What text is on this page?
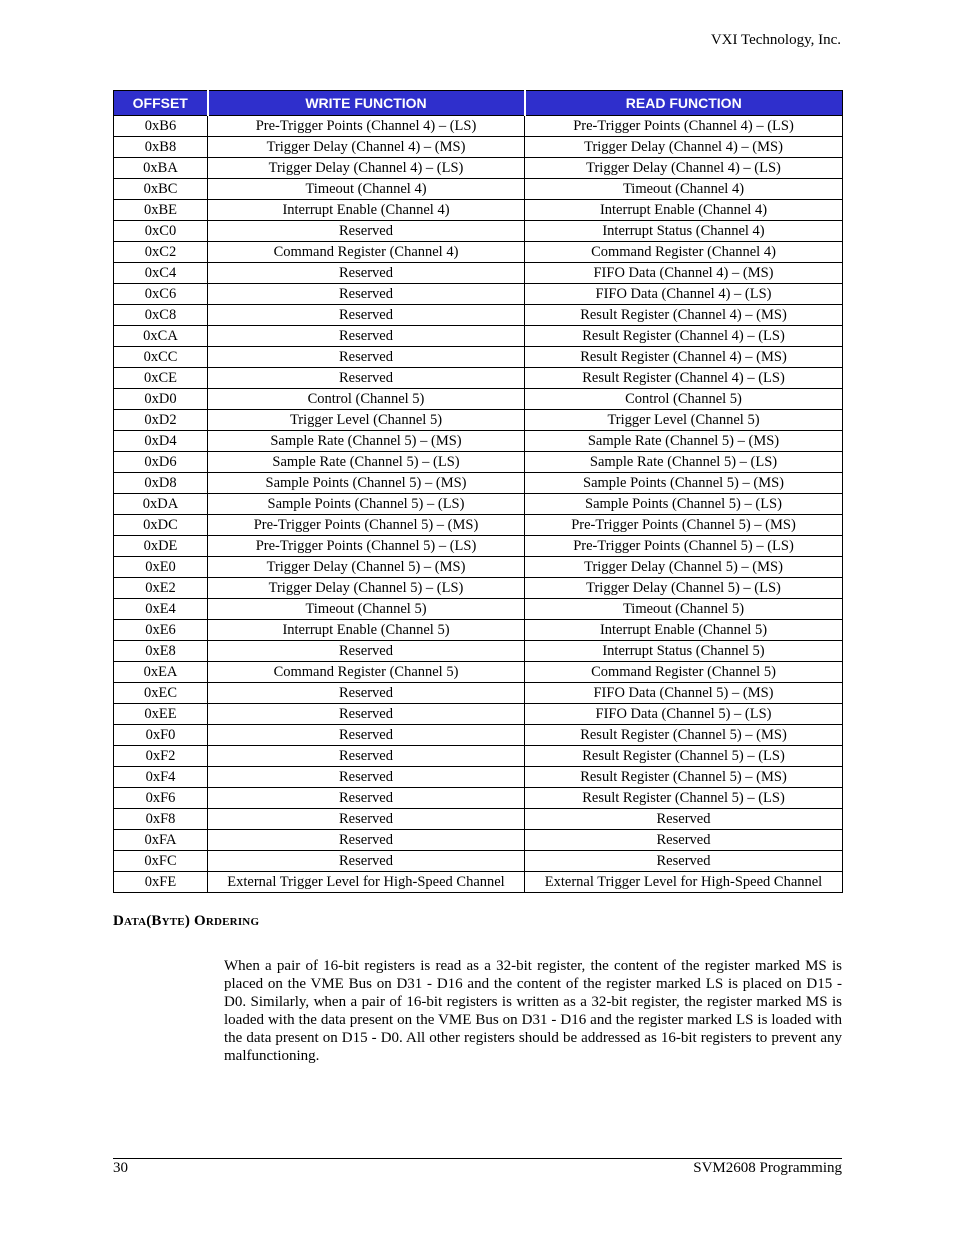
VXI Technology, Inc.
OFFSET	WRITE FUNCTION	READ FUNCTION
0xB6	Pre-Trigger Points (Channel 4) – (LS)	Pre-Trigger Points (Channel 4) – (LS)
0xB8	Trigger Delay (Channel 4) – (MS)	Trigger Delay (Channel 4) – (MS)
0xBA	Trigger Delay (Channel 4) – (LS)	Trigger Delay (Channel 4) – (LS)
0xBC	Timeout (Channel 4)	Timeout (Channel 4)
0xBE	Interrupt Enable (Channel 4)	Interrupt Enable (Channel 4)
0xC0	Reserved	Interrupt Status (Channel 4)
0xC2	Command Register (Channel 4)	Command Register (Channel 4)
0xC4	Reserved	FIFO Data (Channel 4) – (MS)
0xC6	Reserved	FIFO Data (Channel 4) – (LS)
0xC8	Reserved	Result Register (Channel 4) – (MS)
0xCA	Reserved	Result Register (Channel 4) – (LS)
0xCC	Reserved	Result Register (Channel 4) – (MS)
0xCE	Reserved	Result Register (Channel 4) – (LS)
0xD0	Control (Channel 5)	Control (Channel 5)
0xD2	Trigger Level (Channel 5)	Trigger Level (Channel 5)
0xD4	Sample Rate (Channel 5) – (MS)	Sample Rate (Channel 5) – (MS)
0xD6	Sample Rate (Channel 5) – (LS)	Sample Rate (Channel 5) – (LS)
0xD8	Sample Points (Channel 5) – (MS)	Sample Points (Channel 5) – (MS)
0xDA	Sample Points (Channel 5) – (LS)	Sample Points (Channel 5) – (LS)
0xDC	Pre-Trigger Points (Channel 5) – (MS)	Pre-Trigger Points (Channel 5) – (MS)
0xDE	Pre-Trigger Points (Channel 5) – (LS)	Pre-Trigger Points (Channel 5) – (LS)
0xE0	Trigger Delay (Channel 5) – (MS)	Trigger Delay (Channel 5) – (MS)
0xE2	Trigger Delay (Channel 5) – (LS)	Trigger Delay (Channel 5) – (LS)
0xE4	Timeout (Channel 5)	Timeout (Channel 5)
0xE6	Interrupt Enable (Channel 5)	Interrupt Enable (Channel 5)
0xE8	Reserved	Interrupt Status (Channel 5)
0xEA	Command Register (Channel 5)	Command Register (Channel 5)
0xEC	Reserved	FIFO Data (Channel 5) – (MS)
0xEE	Reserved	FIFO Data (Channel 5) – (LS)
0xF0	Reserved	Result Register (Channel 5) – (MS)
0xF2	Reserved	Result Register (Channel 5) – (LS)
0xF4	Reserved	Result Register (Channel 5) – (MS)
0xF6	Reserved	Result Register (Channel 5) – (LS)
0xF8	Reserved	Reserved
0xFA	Reserved	Reserved
0xFC	Reserved	Reserved
0xFE	External Trigger Level for High-Speed Channel	External Trigger Level for High-Speed Channel
Data(Byte) Ordering
When a pair of 16-bit registers is read as a 32-bit register, the content of the register marked MS is placed on the VME Bus on D31 - D16 and the content of the register marked LS is placed on D15 - D0. Similarly, when a pair of 16-bit registers is written as a 32-bit register, the register marked MS is loaded with the data present on the VME Bus on D31 - D16 and the register marked LS is loaded with the data present on D15 - D0. All other registers should be addressed as 16-bit registers to prevent any malfunctioning.
30	SVM2608 Programming
